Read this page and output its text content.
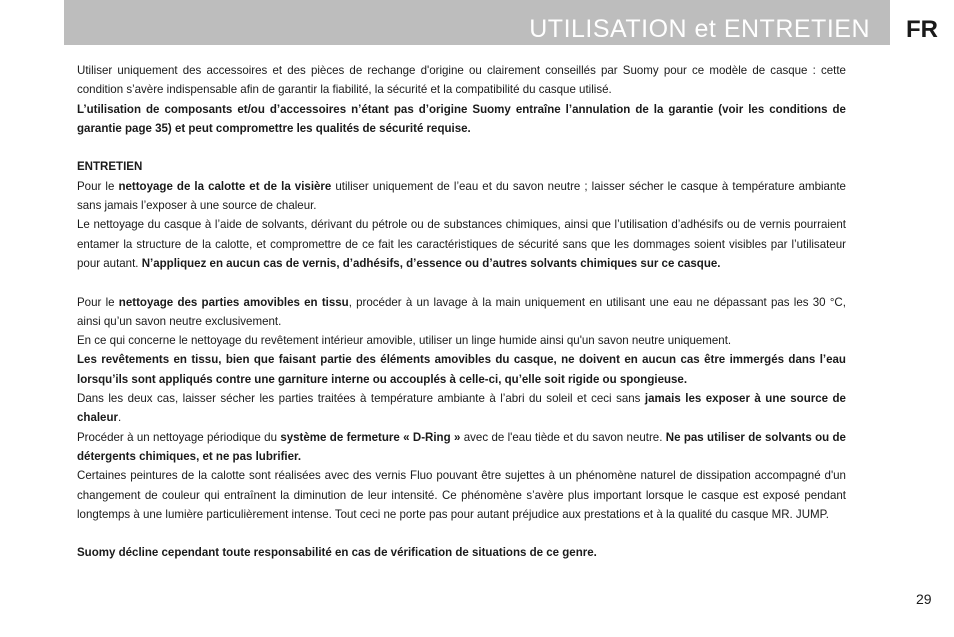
UTILISATION et ENTRETIEN FR

Utiliser uniquement des accessoires et des pièces de rechange d'origine ou clairement conseillés par Suomy pour ce modèle de casque : cette condition s’avère indispensable afin de garantir la fiabilité, la sécurité et la compatibilité du casque utilisé.

L’utilisation de composants et/ou d’accessoires n’étant pas d’origine Suomy entraîne l’annulation de la garantie (voir les conditions de garantie page 35) et peut compromettre les qualités de sécurité requise.

ENTRETIEN

Pour le nettoyage de la calotte et de la visière utiliser uniquement de l’eau et du savon neutre ; laisser sécher le casque à température ambiante sans jamais l’exposer à une source de chaleur.

Le nettoyage du casque à l’aide de solvants, dérivant du pétrole ou de substances chimiques, ainsi que l’utilisation d’adhésifs ou de vernis pourraient entamer la structure de la calotte, et compromettre de ce fait les caractéristiques de sécurité sans que les dommages soient visibles par l’utilisateur pour autant. N’appliquez en aucun cas de vernis, d’adhésifs, d’essence ou d’autres solvants chimiques sur ce casque.

Pour le nettoyage des parties amovibles en tissu, procéder à un lavage à la main uniquement en utilisant une eau ne dépassant pas les 30 °C, ainsi qu’un savon neutre exclusivement.

En ce qui concerne le nettoyage du revêtement intérieur amovible, utiliser un linge humide ainsi qu'un savon neutre uniquement.

Les revêtements en tissu, bien que faisant partie des éléments amovibles du casque, ne doivent en aucun cas être immergés dans l’eau lorsqu’ils sont appliqués contre une garniture interne ou accouplés à celle-ci, qu’elle soit rigide ou spongieuse.

Dans les deux cas, laisser sécher les parties traitées à température ambiante à l’abri du soleil et ceci sans jamais les exposer à une source de chaleur.

Procéder à un nettoyage périodique du système de fermeture « D-Ring » avec de l'eau tiède et du savon neutre. Ne pas utiliser de solvants ou de détergents chimiques, et ne pas lubrifier.

Certaines peintures de la calotte sont réalisées avec des vernis Fluo pouvant être sujettes à un phénomène naturel de dissipation accompagné d'un changement de couleur qui entraînent la diminution de leur intensité. Ce phénomène s’avère plus important lorsque le casque est exposé pendant longtemps à une lumière particulièrement intense. Tout ceci ne porte pas pour autant préjudice aux prestations et à la qualité du casque MR. JUMP.

Suomy décline cependant toute responsabilité en cas de vérification de situations de ce genre.

29
